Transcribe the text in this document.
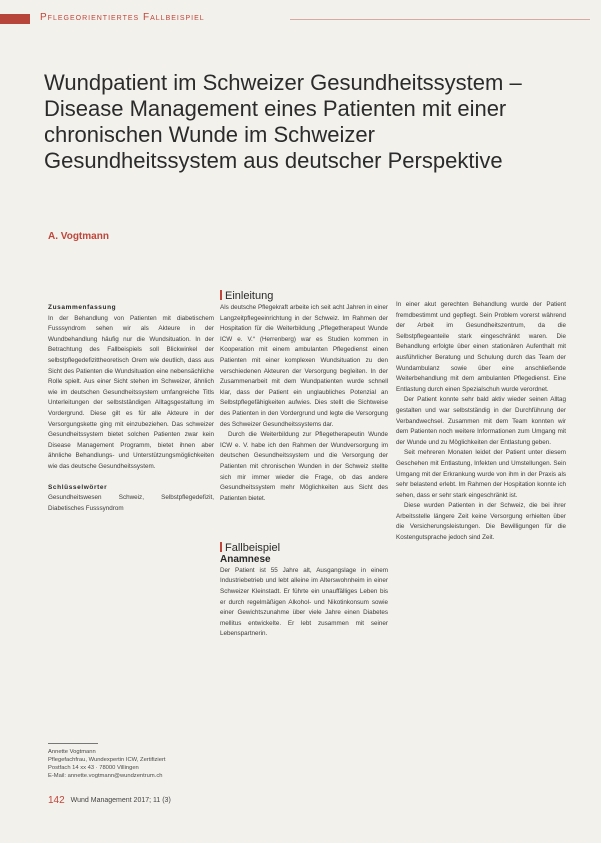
Pflegeorientiertes Fallbeispiel
Wundpatient im Schweizer Gesundheitssystem – Disease Management eines Patienten mit einer chronischen Wunde im Schweizer Gesundheitssystem aus deutscher Perspektive

A. Vogtmann

Zusammenfassung

In der Behandlung von Patienten mit diabetischem Fusssyndrom sehen wir als Akteure in der Wundbehandlung häufig nur die Wundsituation. In der Betrachtung des Fallbeispiels soll Blickwinkel der selbstpflegedefizittheoretisch Orem wie deutlich, dass aus Sicht des Patienten die Wundsituation eine nebensächliche Rolle spielt. Aus einer Sicht stehen im Schweizer, ähnlich wie im deutschen Gesundheitssystem umfangreiche Titls Unterleitungen der selbstständigen Alltagsgestaltung im Vordergrund. Diese gilt es für alle Akteure in der Versorgungskette ging mit einzubeziehen. Das schweizer Gesundheitssystem bietet solchen Patienten zwar kein Disease Management Programm, bietet ihnen aber ähnliche Behandlungs- und Unterstützungsmöglichkeiten wie das deutsche Gesundheitssystem.

Schlüsselwörter

Gesundheitswesen Schweiz, Selbstpflegedefizit, Diabetisches Fusssyndrom

Einleitung

Als deutsche Pflegekraft arbeite ich seit acht Jahren in einer Langzeitpflegeeinrichtung in der Schweiz. Im Rahmen der Hospitation für die Weiterbildung „Pflegetherapeut Wunde ICW e. V.“ (Herrenberg) war es Studien kommen in Kooperation mit einem ambulanten Pflegedienst einen Patienten mit einer komplexen Wundsituation zu den verschiedenen Akteuren der Versorgung begleiten. In der Zusammenarbeit mit dem Wundpatienten wurde schnell klar, dass der Patient ein unglaubliches Potenzial an Selbstpflegefähigkeiten aufwies. Dies stellt die Sichtweise des Patienten in den Vordergrund und legte die Versorgung des Schweizer Gesundheitssystems dar.

Durch die Weiterbildung zur Pflegetherapeutin Wunde ICW e. V. habe ich den Rahmen der Wundversorgung im deutschen Gesundheitssystem und die Versorgung der Patienten mit chronischen Wunden in der Schweiz stellte sich mir immer wieder die Frage, ob das andere Gesundheitssystem mehr Möglichkeiten aus Sicht des Patienten bietet.

Fallbeispiel

Anamnese

Der Patient ist 55 Jahre alt, Ausgangslage in einem Industriebetrieb und lebt alleine im Alterswohnheim in einer Schweizer Kleinstadt. Er führte ein unauffälliges Leben bis er durch regelmäßigen Alkohol- und Nikotinkonsum sowie einer Gewichtszunahme über viele Jahre einen Diabetes mellitus entwickelte. Er lebt zusammen mit seiner Lebenspartnerin.

In einer akut gerechten Behandlung wurde der Patient fremdbestimmt und gepflegt. Sein Problem vorerst während der Arbeit im Gesundheitszentrum, da die Selbstpflegeanteile stark eingeschränkt waren. Die Behandlung erfolgte über einen stationären Aufenthalt mit ausführlicher Beratung und Schulung durch das Team der Wundambulanz sowie über eine anschließende Weiterbehandlung mit dem ambulanten Pflegedienst. Eine Entlastung durch einen Spezialschuh wurde verordnet.

Der Patient konnte sehr bald aktiv wieder seinen Alltag gestalten und war selbstständig in der Durchführung der Verbandwechsel. Zusammen mit dem Team konnten wir dem Patienten noch weitere Informationen zum Umgang mit der Wunde und zu Möglichkeiten der Entlastung geben.

Seit mehreren Monaten leidet der Patient unter diesem Geschehen mit Entlastung, Infekten und Umstellungen. Sein Umgang mit der Erkrankung wurde von ihm in der Praxis als sehr belastend erlebt. Im Rahmen der Hospitation konnte ich sehen, dass er sehr stark eingeschränkt ist.

Diese wurden Patienten in der Schweiz, die bei ihrer Arbeitsstelle längere Zeit keine Versorgung erhielten über die Versicherungsleistungen. Die Bewilligungen für die Kostengutsprache jedoch sind Zeit.

Annette Vogtmann
Pflegefachfrau, Wundexpertin ICW, Zertifiziert
Postfach 14 xx 43 · 78000 Villingen
E-Mail: annette.vogtmann@wundzentrum.ch
142 Wund Management 2017; 11 (3)
